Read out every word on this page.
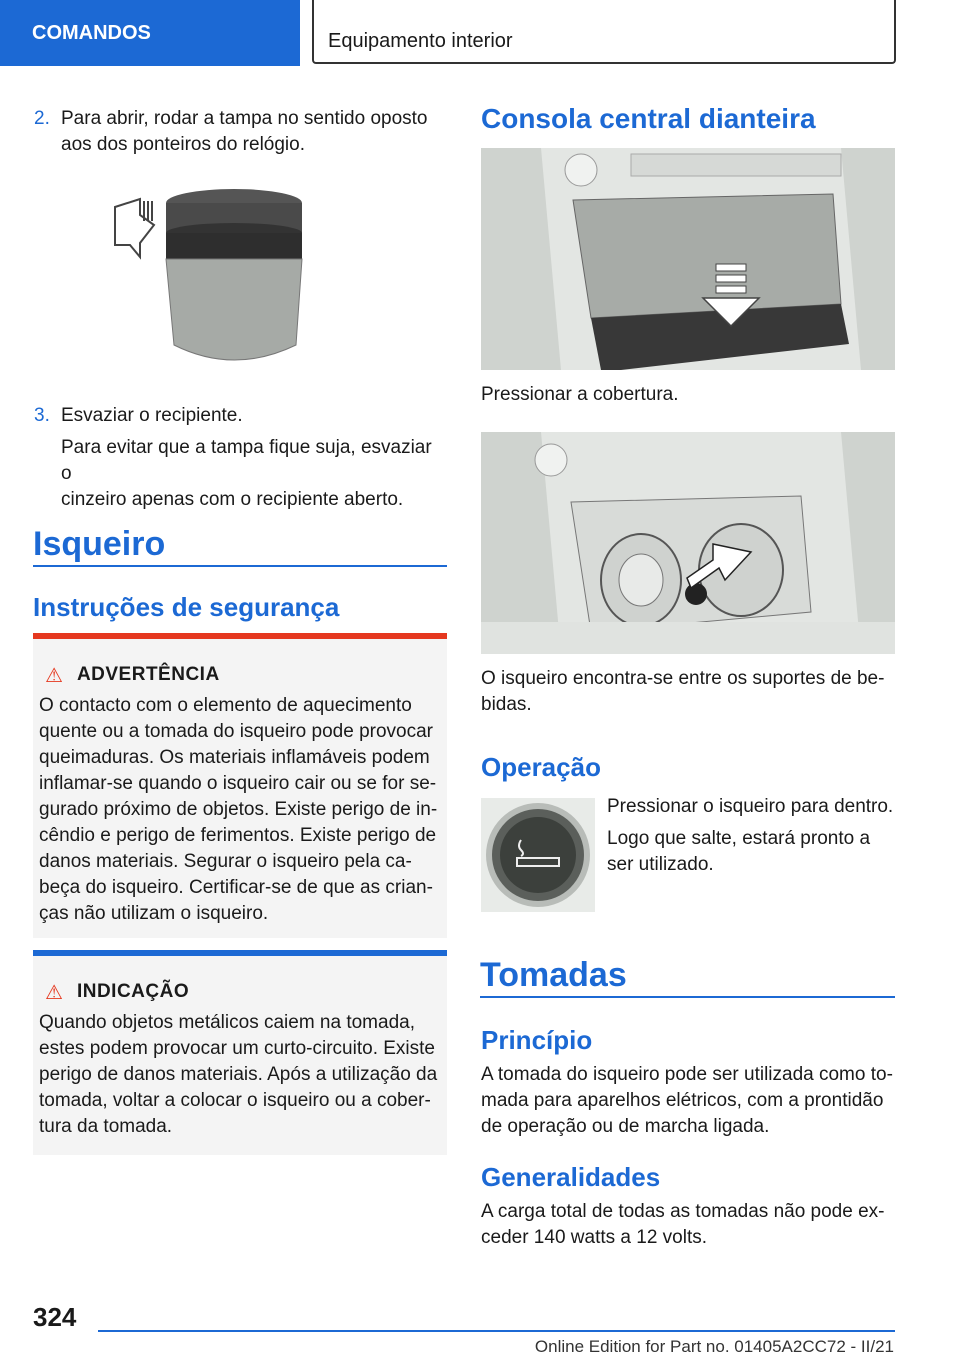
COMANDOS	Equipamento interior
2. Para abrir, rodar a tampa no sentido oposto
aos dos ponteiros do relógio.
3. Esvaziar o recipiente.
Para evitar que a tampa fique suja, esvaziar o
cinzeiro apenas com o recipiente aberto.
Isqueiro
Instruções de segurança
⚠ ADVERTÊNCIA
O contacto com o elemento de aquecimento
quente ou a tomada do isqueiro pode provocar
queimaduras. Os materiais inflamáveis podem
inflamar-se quando o isqueiro cair ou se for se-
gurado próximo de objetos. Existe perigo de in-
cêndio e perigo de ferimentos. Existe perigo de
danos materiais. Segurar o isqueiro pela ca-
beça do isqueiro. Certificar-se de que as crian-
ças não utilizam o isqueiro.
⚠ INDICAÇÃO
Quando objetos metálicos caiem na tomada,
estes podem provocar um curto-circuito. Existe
perigo de danos materiais. Após a utilização da
tomada, voltar a colocar o isqueiro ou a cober-
tura da tomada.
Consola central dianteira
Pressionar a cobertura.
O isqueiro encontra-se entre os suportes de be-
bidas.
Operação
Pressionar o isqueiro para dentro.
Logo que salte, estará pronto a
ser utilizado.
Tomadas
Princípio
A tomada do isqueiro pode ser utilizada como to-
mada para aparelhos elétricos, com a prontidão
de operação ou de marcha ligada.
Generalidades
A carga total de todas as tomadas não pode ex-
ceder 140 watts a 12 volts.
324
Online Edition for Part no. 01405A2CC72 - II/21
